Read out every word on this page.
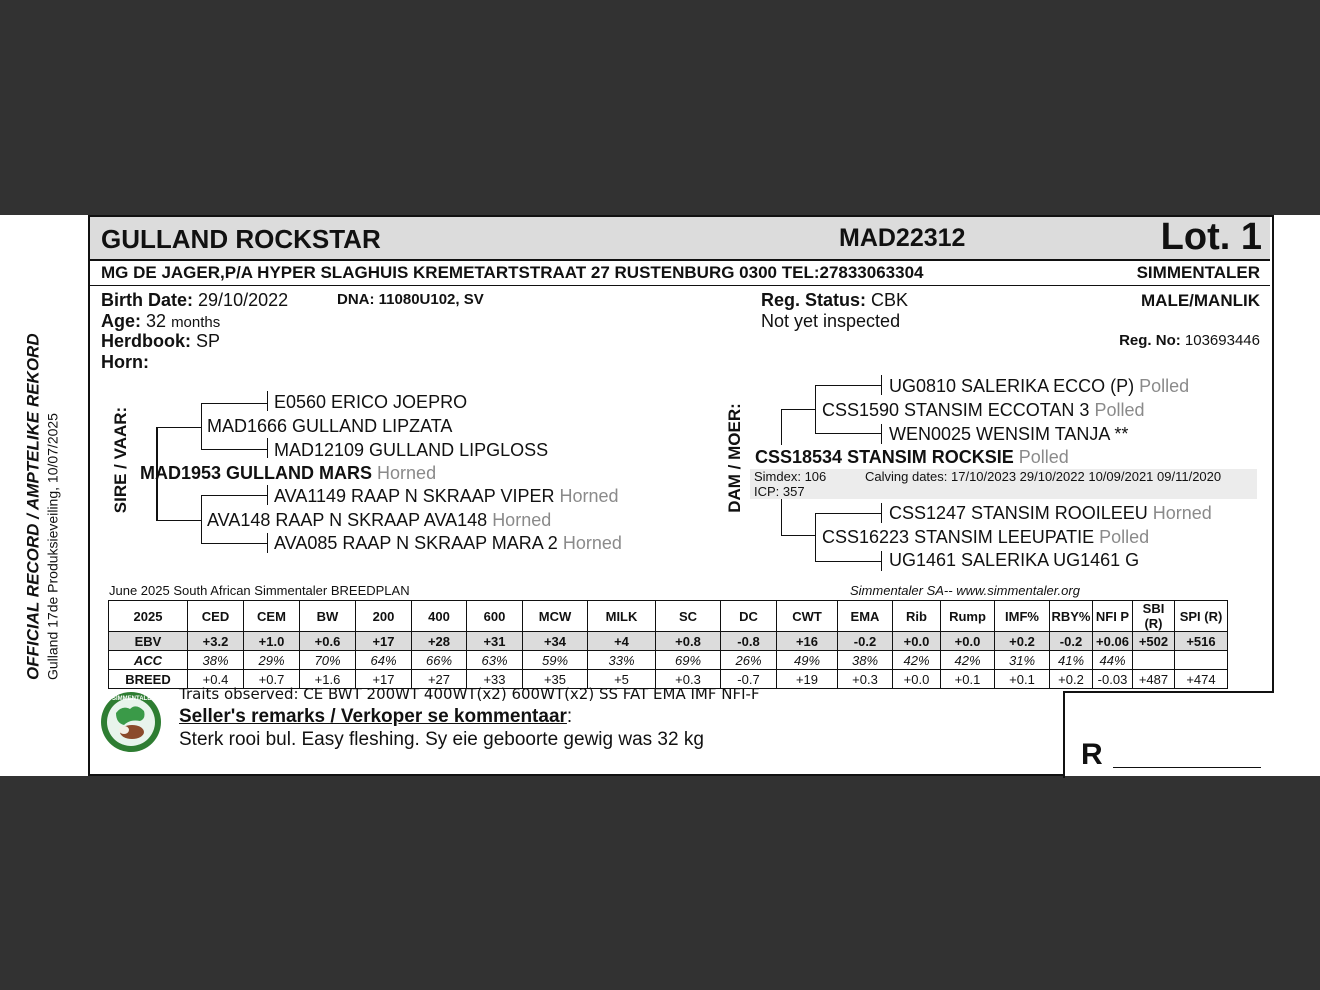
OFFICIAL RECORD / AMPTELIKE REKORD Gulland 17de Produksieveiling, 10/07/2025
GULLAND ROCKSTAR	MAD22312	Lot. 1
MG DE JAGER,P/A HYPER SLAGHUIS KREMETARTSTRAAT 27 RUSTENBURG 0300 TEL:27833063304	SIMMENTALER
Birth Date: 29/10/2022	DNA: 11080U102, SV
Age: 32 months
Herdbook: SP
Horn:
Reg. Status: CBK
Not yet inspected
MALE/MANLIK
Reg. No: 103693446
SIRE / VAAR:	MAD1666 GULLAND LIPZATA
E0560 ERICO JOEPRO
MAD12109 GULLAND LIPGLOSS
MAD1953 GULLAND MARS Horned
AVA1149 RAAP N SKRAAP VIPER Horned
AVA148 RAAP N SKRAAP AVA148 Horned
AVA085 RAAP N SKRAAP MARA 2 Horned
DAM / MOER:
UG0810 SALERIKA ECCO (P) Polled
CSS1590 STANSIM ECCOTAN 3 Polled
WEN0025 WENSIM TANJA **
CSS18534 STANSIM ROCKSIE Polled
Simdex: 106
ICP: 357
Calving dates: 17/10/2023 29/10/2022 10/09/2021 09/11/2020
CSS1247 STANSIM ROOILEEU Horned
CSS16223 STANSIM LEEUPATIE Polled
UG1461 SALERIKA UG1461 G
June 2025 South African Simmentaler BREEDPLAN	Simmentaler SA-- www.simmentaler.org
2025	CED	CEM	BW	200	400	600	MCW	MILK	SC	DC	CWT	EMA	Rib	Rump	IMF%	RBY%	NFI P	SBI (R)	SPI (R)
EBV	+3.2	+1.0	+0.6	+17	+28	+31	+34	+4	+0.8	-0.8	+16	-0.2	+0.0	+0.0	+0.2	-0.2	+0.06	+502	+516
ACC	38%	29%	70%	64%	66%	63%	59%	33%	69%	26%	49%	38%	42%	42%	31%	41%	44%		
BREED	+0.4	+0.7	+1.6	+17	+27	+33	+35	+5	+0.3	-0.7	+19	+0.3	+0.0	+0.1	+0.1	+0.2	-0.03	+487	+474
SIMMENTALER Traits observed: CE BWT 200WT 400WT(x2) 600WT(x2) SS FAT EMA IMF NFI-F
Seller's remarks / Verkoper se kommentaar:
Sterk rooi bul. Easy fleshing. Sy eie geboorte gewig was 32 kg	R
